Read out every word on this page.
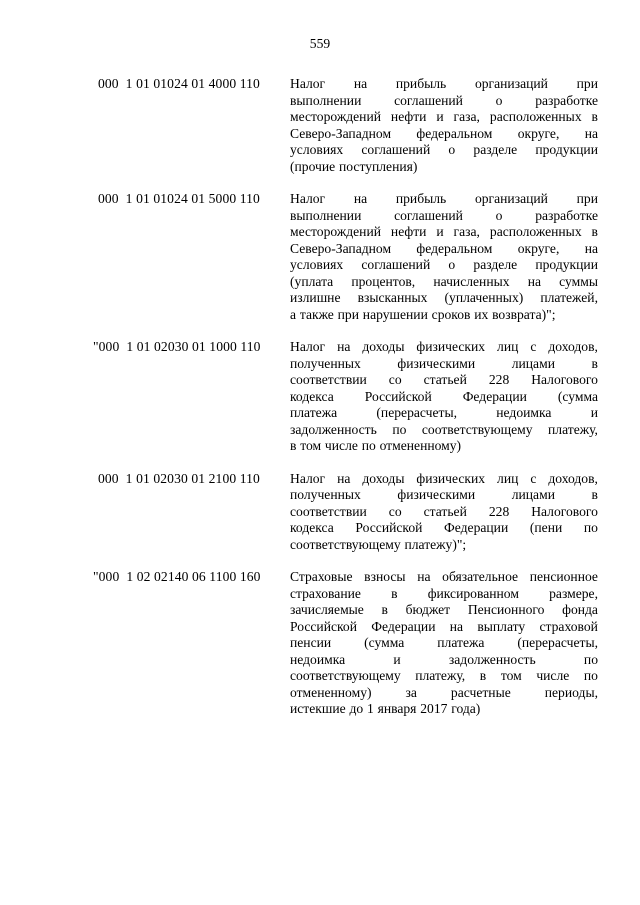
559
000  1 01 01024 01 4000 110 Налог на прибыль организаций при
выполнении соглашений о разработке
месторождений нефти и газа, расположенных в
Северо-Западном федеральном округе, на
условиях соглашений о разделе продукции
(прочие поступления)
000  1 01 01024 01 5000 110 Налог на прибыль организаций при
выполнении соглашений о разработке
месторождений нефти и газа, расположенных в
Северо-Западном федеральном округе, на
условиях соглашений о разделе продукции
(уплата процентов, начисленных на суммы
излишне взысканных (уплаченных) платежей,
а также при нарушении сроков их возврата)";
"000  1 01 02030 01 1000 110 Налог на доходы физических лиц с доходов,
полученных	физическими	лицами	в
соответствии со статьей 228 Налогового
кодекса Российской Федерации (сумма
платежа	(перерасчеты,	недоимка	и
задолженность по соответствующему платежу,
в том числе по отмененному)
000  1 01 02030 01 2100 110 Налог на доходы физических лиц с доходов,
полученных	физическими	лицами	в
соответствии со статьей 228 Налогового
кодекса Российской Федерации (пени по
соответствующему платежу)";
"000  1 02 02140 06 1100 160 Страховые взносы на обязательное пенсионное
страхование в фиксированном размере,
зачисляемые в бюджет Пенсионного фонда
Российской Федерации на выплату страховой
пенсии (сумма платежа (перерасчеты,
недоимка	и	задолженность	по
соответствующему платежу, в том числе по
отмененному) за расчетные периоды,
истекшие до 1 января 2017 года)
